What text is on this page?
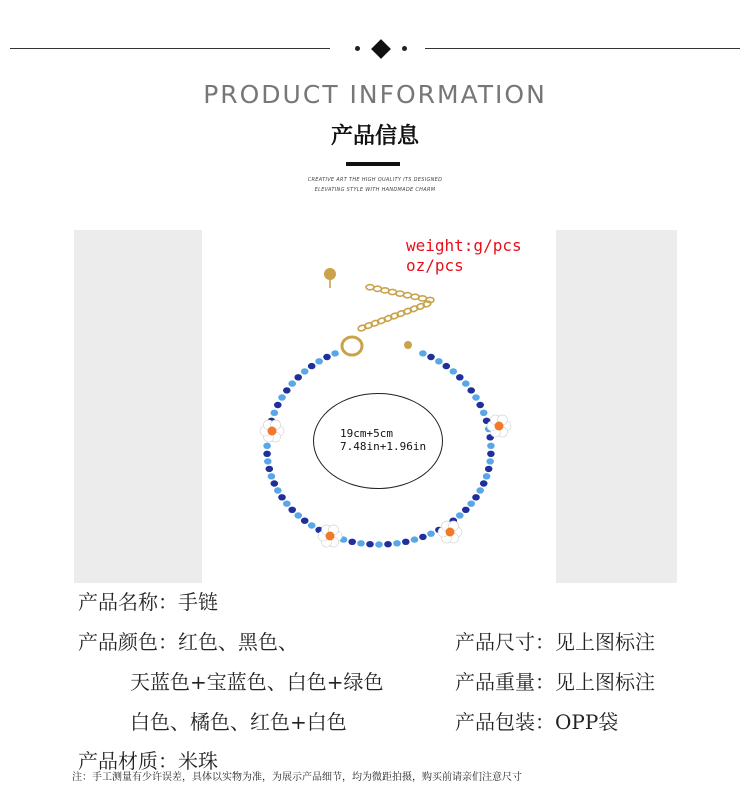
PRODUCT INFORMATION
产品信息
CREATIVE ART THE HIGH QUALITY ITS DESIGNED
ELEVATING STYLE WITH HANDMADE CHARM
weight:g/pcs
oz/pcs
19cm+5cm
7.48in+1.96in
产品名称：手链
产品颜色：红色、黑色、
天蓝色+宝蓝色、白色+绿色
白色、橘色、红色+白色
产品材质：米珠
产品尺寸：见上图标注
产品重量：见上图标注
产品包装：OPP袋
注：手工测量有少许误差，具体以实物为准，为展示产品细节，均为微距拍摄，购买前请亲们注意尺寸
